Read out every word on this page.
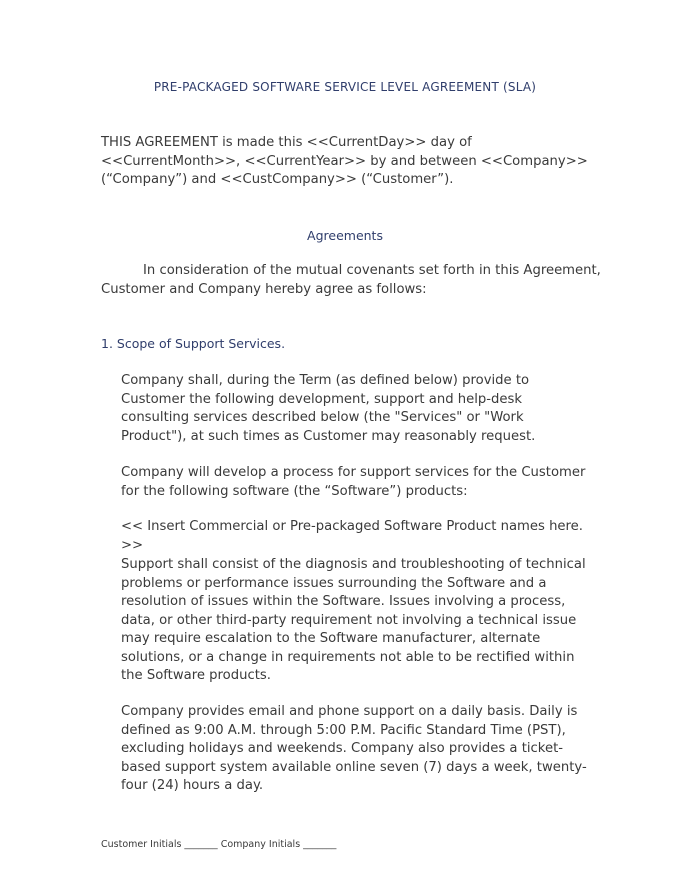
PRE-PACKAGED SOFTWARE SERVICE LEVEL AGREEMENT (SLA)
THIS AGREEMENT is made this <<CurrentDay>> day of <<CurrentMonth>>, <<CurrentYear>> by and between <<Company>> (“Company”) and <<CustCompany>> (“Customer”).
Agreements
In consideration of the mutual covenants set forth in this Agreement, Customer and Company hereby agree as follows:
1. Scope of Support Services.
Company shall, during the Term (as defined below) provide to Customer the following development, support and help-desk consulting services described below (the "Services" or "Work Product"), at such times as Customer may reasonably request.
Company will develop a process for support services for the Customer for the following software (the “Software”) products:
<< Insert Commercial or Pre-packaged Software Product names here. >>
Support shall consist of the diagnosis and troubleshooting of technical problems or performance issues surrounding the Software and a resolution of issues within the Software. Issues involving a process, data, or other third-party requirement not involving a technical issue may require escalation to the Software manufacturer, alternate solutions, or a change in requirements not able to be rectified within the Software products.
Company provides email and phone support on a daily basis. Daily is defined as 9:00 A.M. through 5:00 P.M. Pacific Standard Time (PST), excluding holidays and weekends. Company also provides a ticket-based support system available online seven (7) days a week, twenty-four (24) hours a day.
Customer Initials _______ Company Initials _______
